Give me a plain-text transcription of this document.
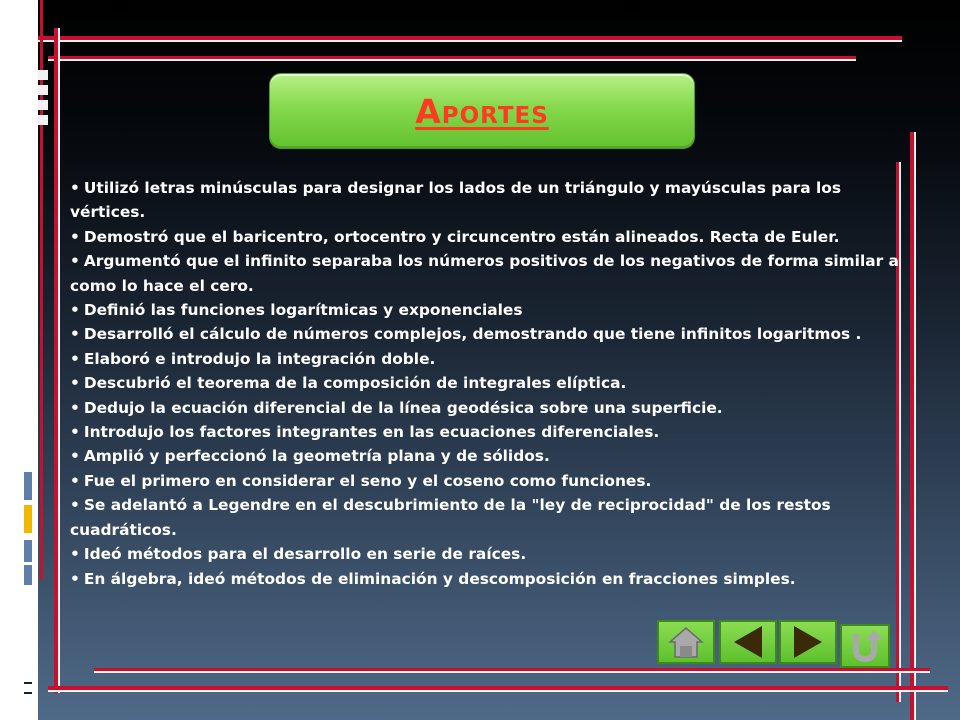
Aportes
• Utilizó letras minúsculas para designar los lados de un triángulo y mayúsculas para los vértices.
• Demostró que el baricentro, ortocentro y circuncentro están alineados. Recta de Euler.
• Argumentó que el infinito separaba los números positivos de los negativos de forma similar a como lo hace el cero.
• Definió las funciones logarítmicas y exponenciales
• Desarrolló el cálculo de números complejos, demostrando que tiene infinitos logaritmos .
• Elaboró e introdujo la integración doble.
• Descubrió el teorema de la composición de integrales elíptica.
• Dedujo la ecuación diferencial de la línea geodésica sobre una superficie.
• Introdujo los factores integrantes en las ecuaciones diferenciales.
• Amplió y perfeccionó la geometría plana y de sólidos.
• Fue el primero en considerar el seno y el coseno como funciones.
• Se adelantó a Legendre en el descubrimiento de la "ley de reciprocidad" de los restos cuadráticos.
• Ideó métodos para el desarrollo en serie de raíces.
• En álgebra, ideó métodos de eliminación y descomposición en fracciones simples.
